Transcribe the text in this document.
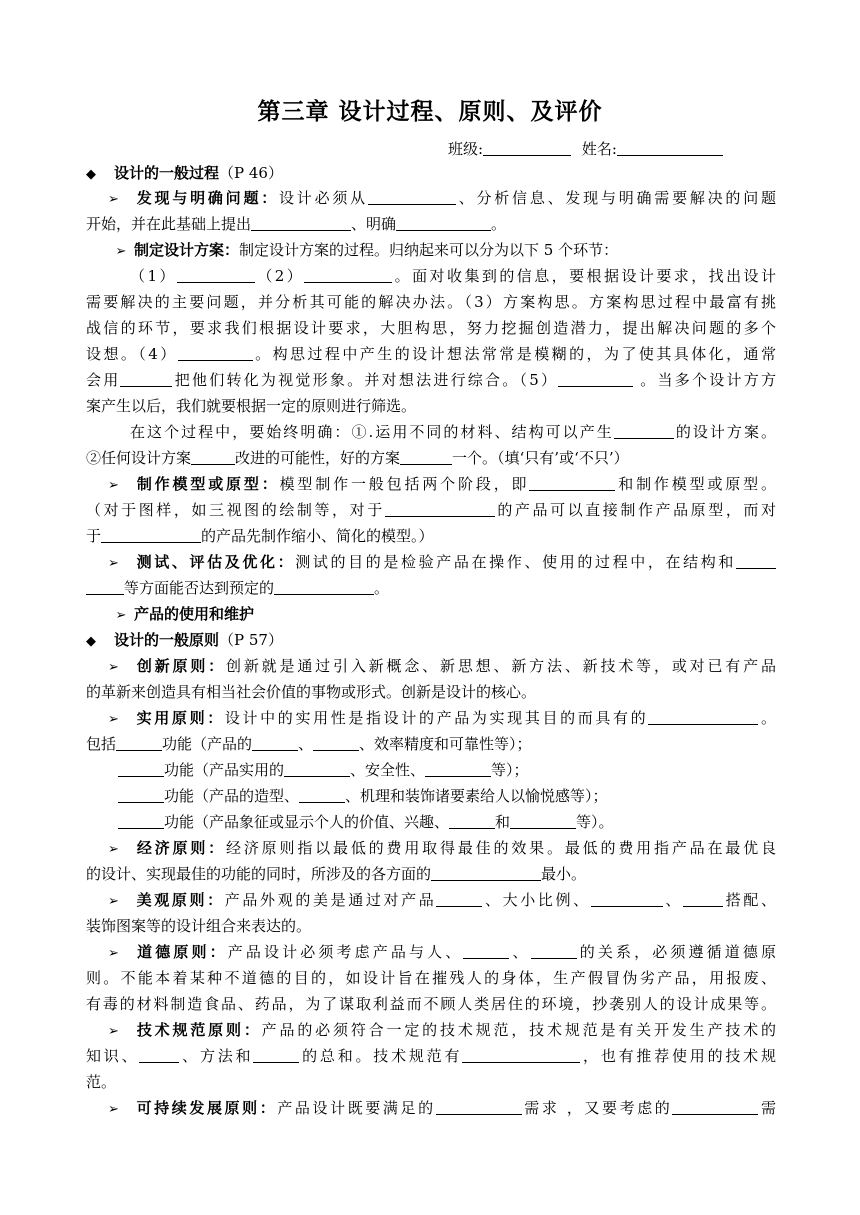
第三章 设计过程、原则、及评价
班级:	姓名:
◆ 设计的一般过程（P 46）
➢ 发现与明确问题：设计必须从	、分析信息、发现与明确需要解决的问题
开始，并在此基础上提出	、明确	。
➢ 制定设计方案：制定设计方案的过程。归纳起来可以分为以下 5 个环节：
（1）	（2）	。面对收集到的信息，要根据设计要求，找出设计
需要解决的主要问题，并分析其可能的解决办法。（3）方案构思。方案构思过程中最富有挑
战信的环节，要求我们根据设计要求，大胆构思，努力挖掘创造潜力，提出解决问题的多个
设想。（4）	。构思过程中产生的设计想法常常是模糊的，为了使其具体化，通常
会用	把他们转化为视觉形象。并对想法进行综合。（5）	。当多个设计方方
案产生以后，我们就要根据一定的原则进行筛选。
在这个过程中，要始终明确：①.运用不同的材料、结构可以产生	的设计方案。
②任何设计方案	改进的可能性，好的方案	一个。（填‘只有’或‘不只’）
➢ 制作模型或原型：模型制作一般包括两个阶段，即	和制作模型或原型。
（对于图样，如三视图的绘制等，对于	的产品可以直接制作产品原型，而对
于	的产品先制作缩小、简化的模型。）
➢ 测试、评估及优化：测试的目的是检验产品在操作、使用的过程中，在结构和
等方面能否达到预定的	。
➢ 产品的使用和维护
◆ 设计的一般原则（P 57）
➢ 创新原则：创新就是通过引入新概念、新思想、新方法、新技术等，或对已有产品
的革新来创造具有相当社会价值的事物或形式。创新是设计的核心。
➢ 实用原则：设计中的实用性是指设计的产品为实现其目的而具有的	。
包括	功能（产品的	、	、效率精度和可靠性等）；
功能（产品实用的	、安全性、	等）；
功能（产品的造型、	、机理和装饰诸要素给人以愉悦感等）；
功能（产品象征或显示个人的价值、兴趣、	和	等）。
➢ 经济原则：经济原则指以最低的费用取得最佳的效果。最低的费用指产品在最优良
的设计、实现最佳的功能的同时，所涉及的各方面的	最小。
➢ 美观原则：产品外观的美是通过对产品	、大小比例、	、	搭配、
装饰图案等的设计组合来表达的。
➢ 道德原则：产品设计必须考虑产品与人、	、	的关系，必须遵循道德原
则。不能本着某种不道德的目的，如设计旨在摧残人的身体，生产假冒伪劣产品，用报废、
有毒的材料制造食品、药品，为了谋取利益而不顾人类居住的环境，抄袭别人的设计成果等。
➢ 技术规范原则：产品的必须符合一定的技术规范，技术规范是有关开发生产技术的
知识、	、方法和	的总和。技术规范有	，也有推荐使用的技术规
范。
➢ 可持续发展原则：产品设计既要满足的	需求 ，又要考虑的	需
